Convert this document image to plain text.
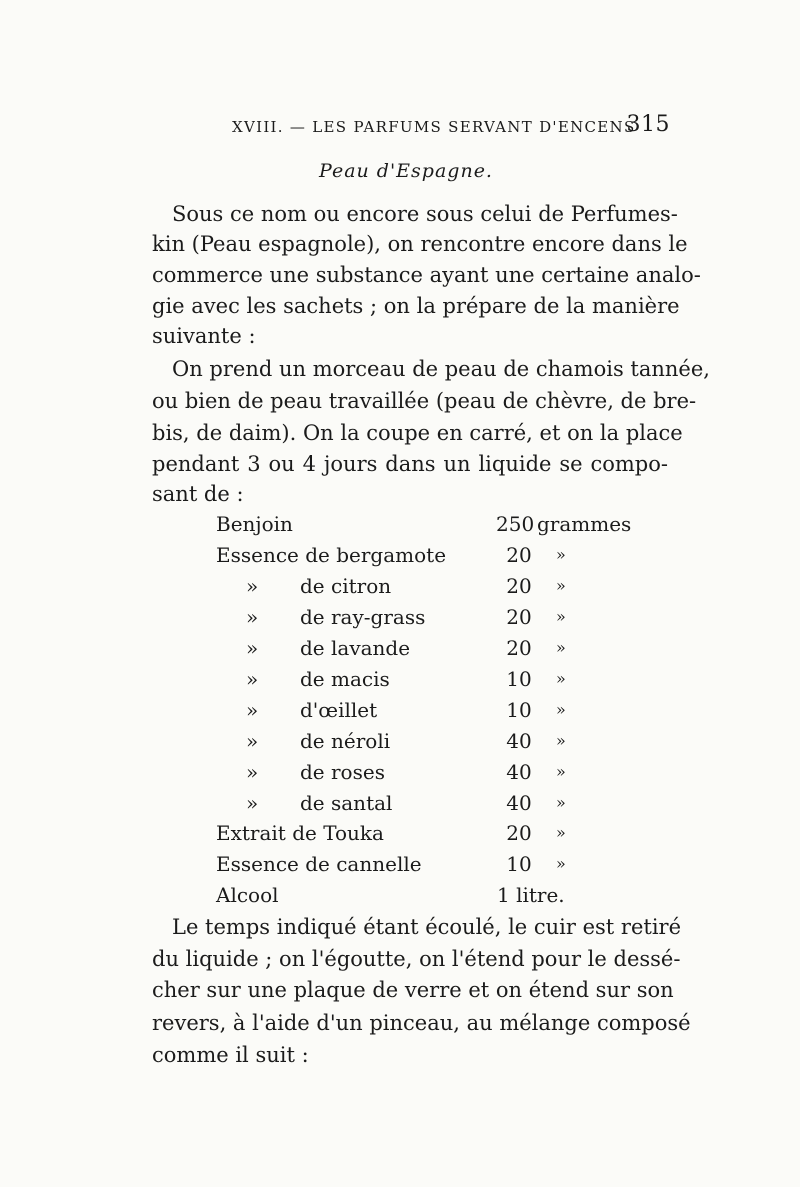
XVIII. — LES PARFUMS SERVANT D'ENCENS
315
Peau d'Espagne.
Sous ce nom ou encore sous celui de Perfumes-
kin (Peau espagnole), on rencontre encore dans le
commerce une substance ayant une certaine analo-
gie avec les sachets ; on la prépare de la manière
suivante :
On prend un morceau de peau de chamois tannée,
ou bien de peau travaillée (peau de chèvre, de bre-
bis, de daim). On la coupe en carré, et on la place
pendant 3 ou 4 jours dans un liquide se compo-
sant de :
Benjoin	250 grammes
Essence de bergamote	20	»
» de citron	20	»
» de ray-grass	20	»
» de lavande	20	»
» de macis	10	»
» d'œillet	10	»
» de néroli	40	»
» de roses	40	»
» de santal	40	»
Extrait de Touka	20	»
Essence de cannelle	10	»
Alcool	1 litre.
Le temps indiqué étant écoulé, le cuir est retiré
du liquide ; on l'égoutte, on l'étend pour le dessé-
cher sur une plaque de verre et on étend sur son
revers, à l'aide d'un pinceau, au mélange composé
comme il suit :
